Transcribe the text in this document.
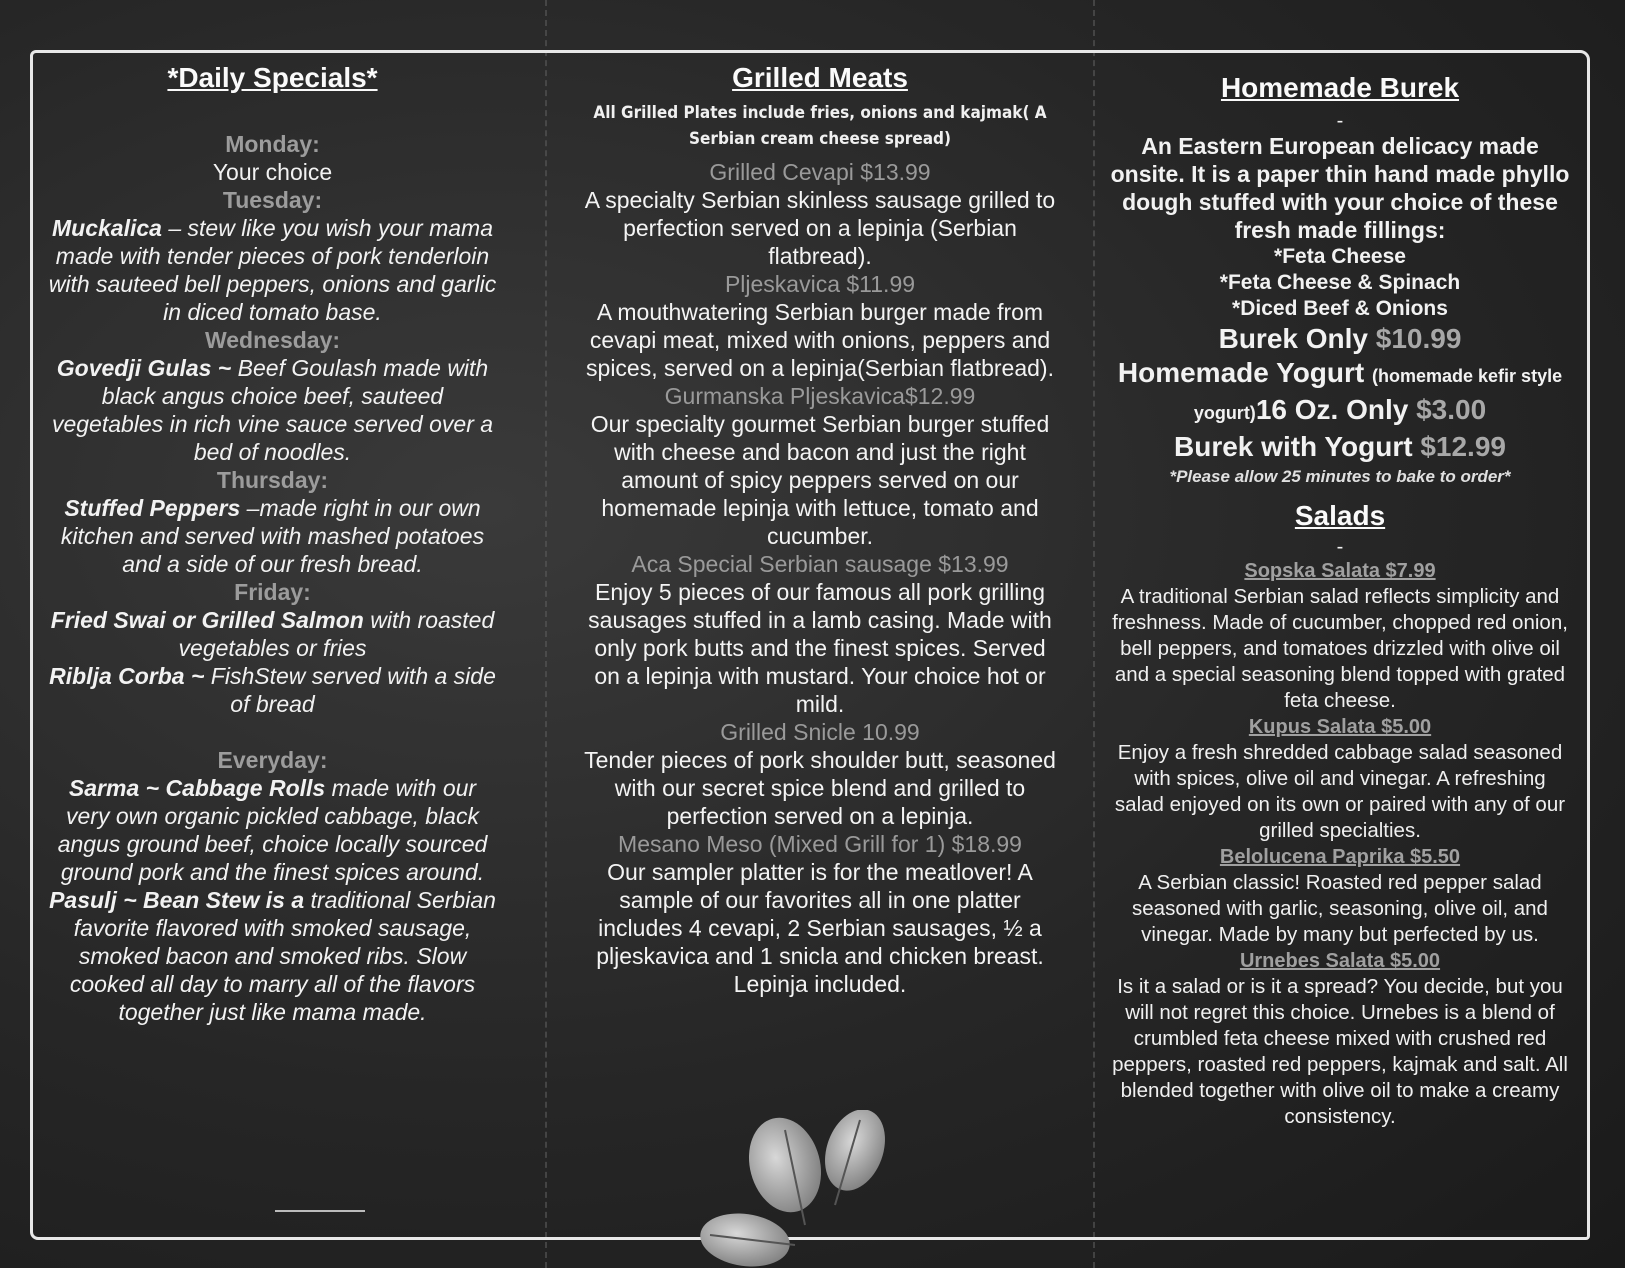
*Daily Specials*
Monday:
Your choice
Tuesday:
Muckalica – stew like you wish your mama made with tender pieces of pork tenderloin with sauteed bell peppers, onions and garlic in diced tomato base.
Wednesday:
Govedji Gulas ~ Beef Goulash made with black angus choice beef, sauteed vegetables in rich vine sauce served over a bed of noodles.
Thursday:
Stuffed Peppers –made right in our own kitchen and served with mashed potatoes and a side of our fresh bread.
Friday:
Fried Swai or Grilled Salmon with roasted vegetables or fries
Riblja Corba ~ FishStew served with a side of bread
Everyday:
Sarma ~ Cabbage Rolls made with our very own organic pickled cabbage, black angus ground beef, choice locally sourced ground pork and the finest spices around.
Pasulj ~ Bean Stew is a traditional Serbian favorite flavored with smoked sausage, smoked bacon and smoked ribs. Slow cooked all day to marry all of the flavors together just like mama made.
Grilled Meats
All Grilled Plates include fries, onions and kajmak( A Serbian cream cheese spread)
Grilled Cevapi $13.99
A specialty Serbian skinless sausage grilled to perfection served on a lepinja (Serbian flatbread).
Pljeskavica $11.99
A mouthwatering Serbian burger made from cevapi meat, mixed with onions, peppers and spices, served on a lepinja(Serbian flatbread).
Gurmanska Pljeskavica$12.99
Our specialty gourmet Serbian burger stuffed with cheese and bacon and just the right amount of spicy peppers served on our homemade lepinja with lettuce, tomato and cucumber.
Aca Special Serbian sausage $13.99
Enjoy 5 pieces of our famous all pork grilling sausages stuffed in a lamb casing. Made with only pork butts and the finest spices. Served on a lepinja with mustard. Your choice hot or mild.
Grilled Snicle 10.99
Tender pieces of pork shoulder butt, seasoned with our secret spice blend and grilled to perfection served on a lepinja.
Mesano Meso (Mixed Grill for 1) $18.99
Our sampler platter is for the meatlover! A sample of our favorites all in one platter includes 4 cevapi, 2 Serbian sausages, ½ a pljeskavica and 1 snicla and chicken breast. Lepinja included.
Homemade Burek
-
An Eastern European delicacy made onsite. It is a paper thin hand made phyllo dough stuffed with your choice of these fresh made fillings:
*Feta Cheese
*Feta Cheese & Spinach
*Diced Beef & Onions
Burek Only $10.99
Homemade Yogurt (homemade kefir style yogurt)16 Oz. Only $3.00
Burek with Yogurt $12.99
*Please allow 25 minutes to bake to order*
Salads
-
Sopska Salata $7.99
A traditional Serbian salad reflects simplicity and freshness. Made of cucumber, chopped red onion, bell peppers, and tomatoes drizzled with olive oil and a special seasoning blend topped with grated feta cheese.
Kupus Salata $5.00
Enjoy a fresh shredded cabbage salad seasoned with spices, olive oil and vinegar. A refreshing salad enjoyed on its own or paired with any of our grilled specialties.
Belolucena Paprika $5.50
A Serbian classic! Roasted red pepper salad seasoned with garlic, seasoning, olive oil, and vinegar. Made by many but perfected by us.
Urnebes Salata $5.00
Is it a salad or is it a spread? You decide, but you will not regret this choice. Urnebes is a blend of crumbled feta cheese mixed with crushed red peppers, roasted red peppers, kajmak and salt. All blended together with olive oil to make a creamy consistency.
